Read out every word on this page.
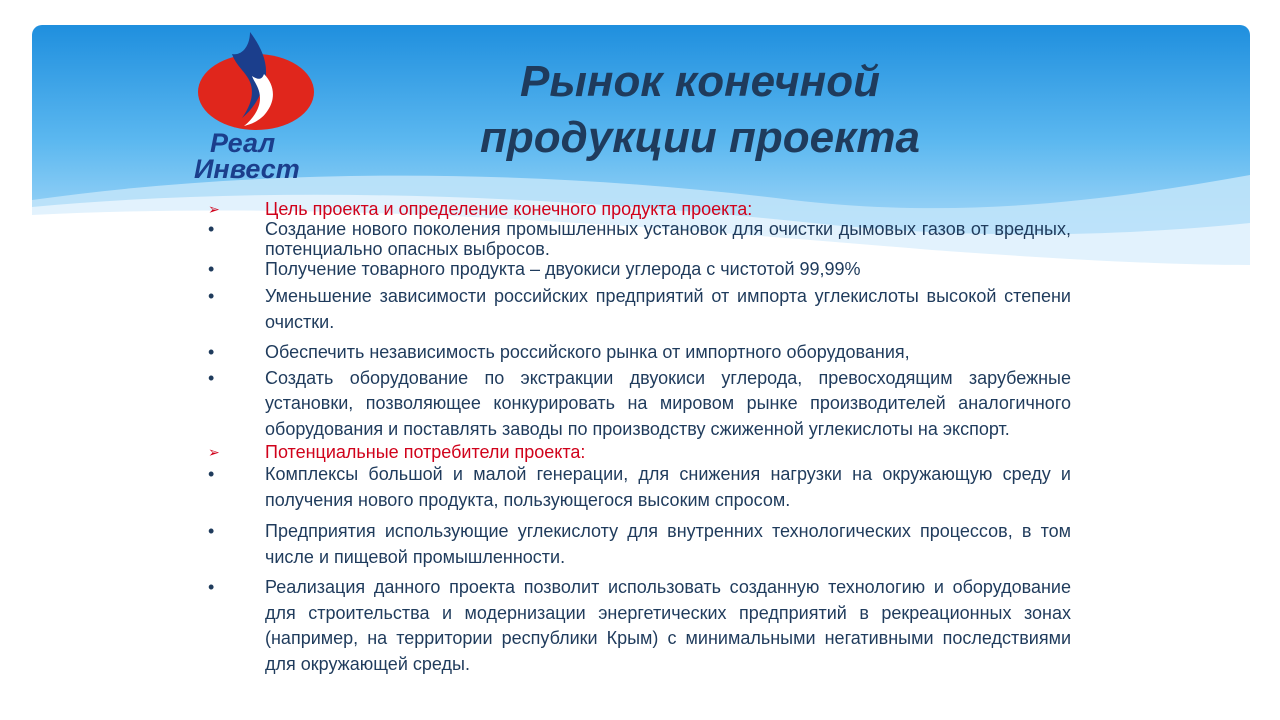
Реал
Инвест
Рынок конечной
продукции проекта
➢	Цель проекта и определение конечного продукта проекта:
•	Создание нового поколения промышленных установок для очистки дымовых газов от вредных, потенциально опасных выбросов.
•	Получение товарного продукта – двуокиси углерода с чистотой 99,99%
•	Уменьшение зависимости российских предприятий от импорта углекислоты высокой степени очистки.
•	Обеспечить независимость российского рынка от импортного оборудования,
•	Создать оборудование по экстракции двуокиси углерода, превосходящим зарубежные установки, позволяющее конкурировать на мировом рынке производителей аналогичного оборудования и поставлять заводы по производству сжиженной углекислоты на экспорт.
➢	Потенциальные потребители проекта:
•	Комплексы большой и малой генерации, для снижения нагрузки на окружающую среду и получения нового продукта, пользующегося высоким спросом.
•	Предприятия использующие углекислоту для внутренних технологических процессов, в том числе и пищевой промышленности.
•	Реализация данного проекта позволит использовать созданную технологию и оборудование для строительства и модернизации энергетических предприятий в рекреационных зонах (например, на территории республики Крым) с минимальными негативными последствиями для окружающей среды.
